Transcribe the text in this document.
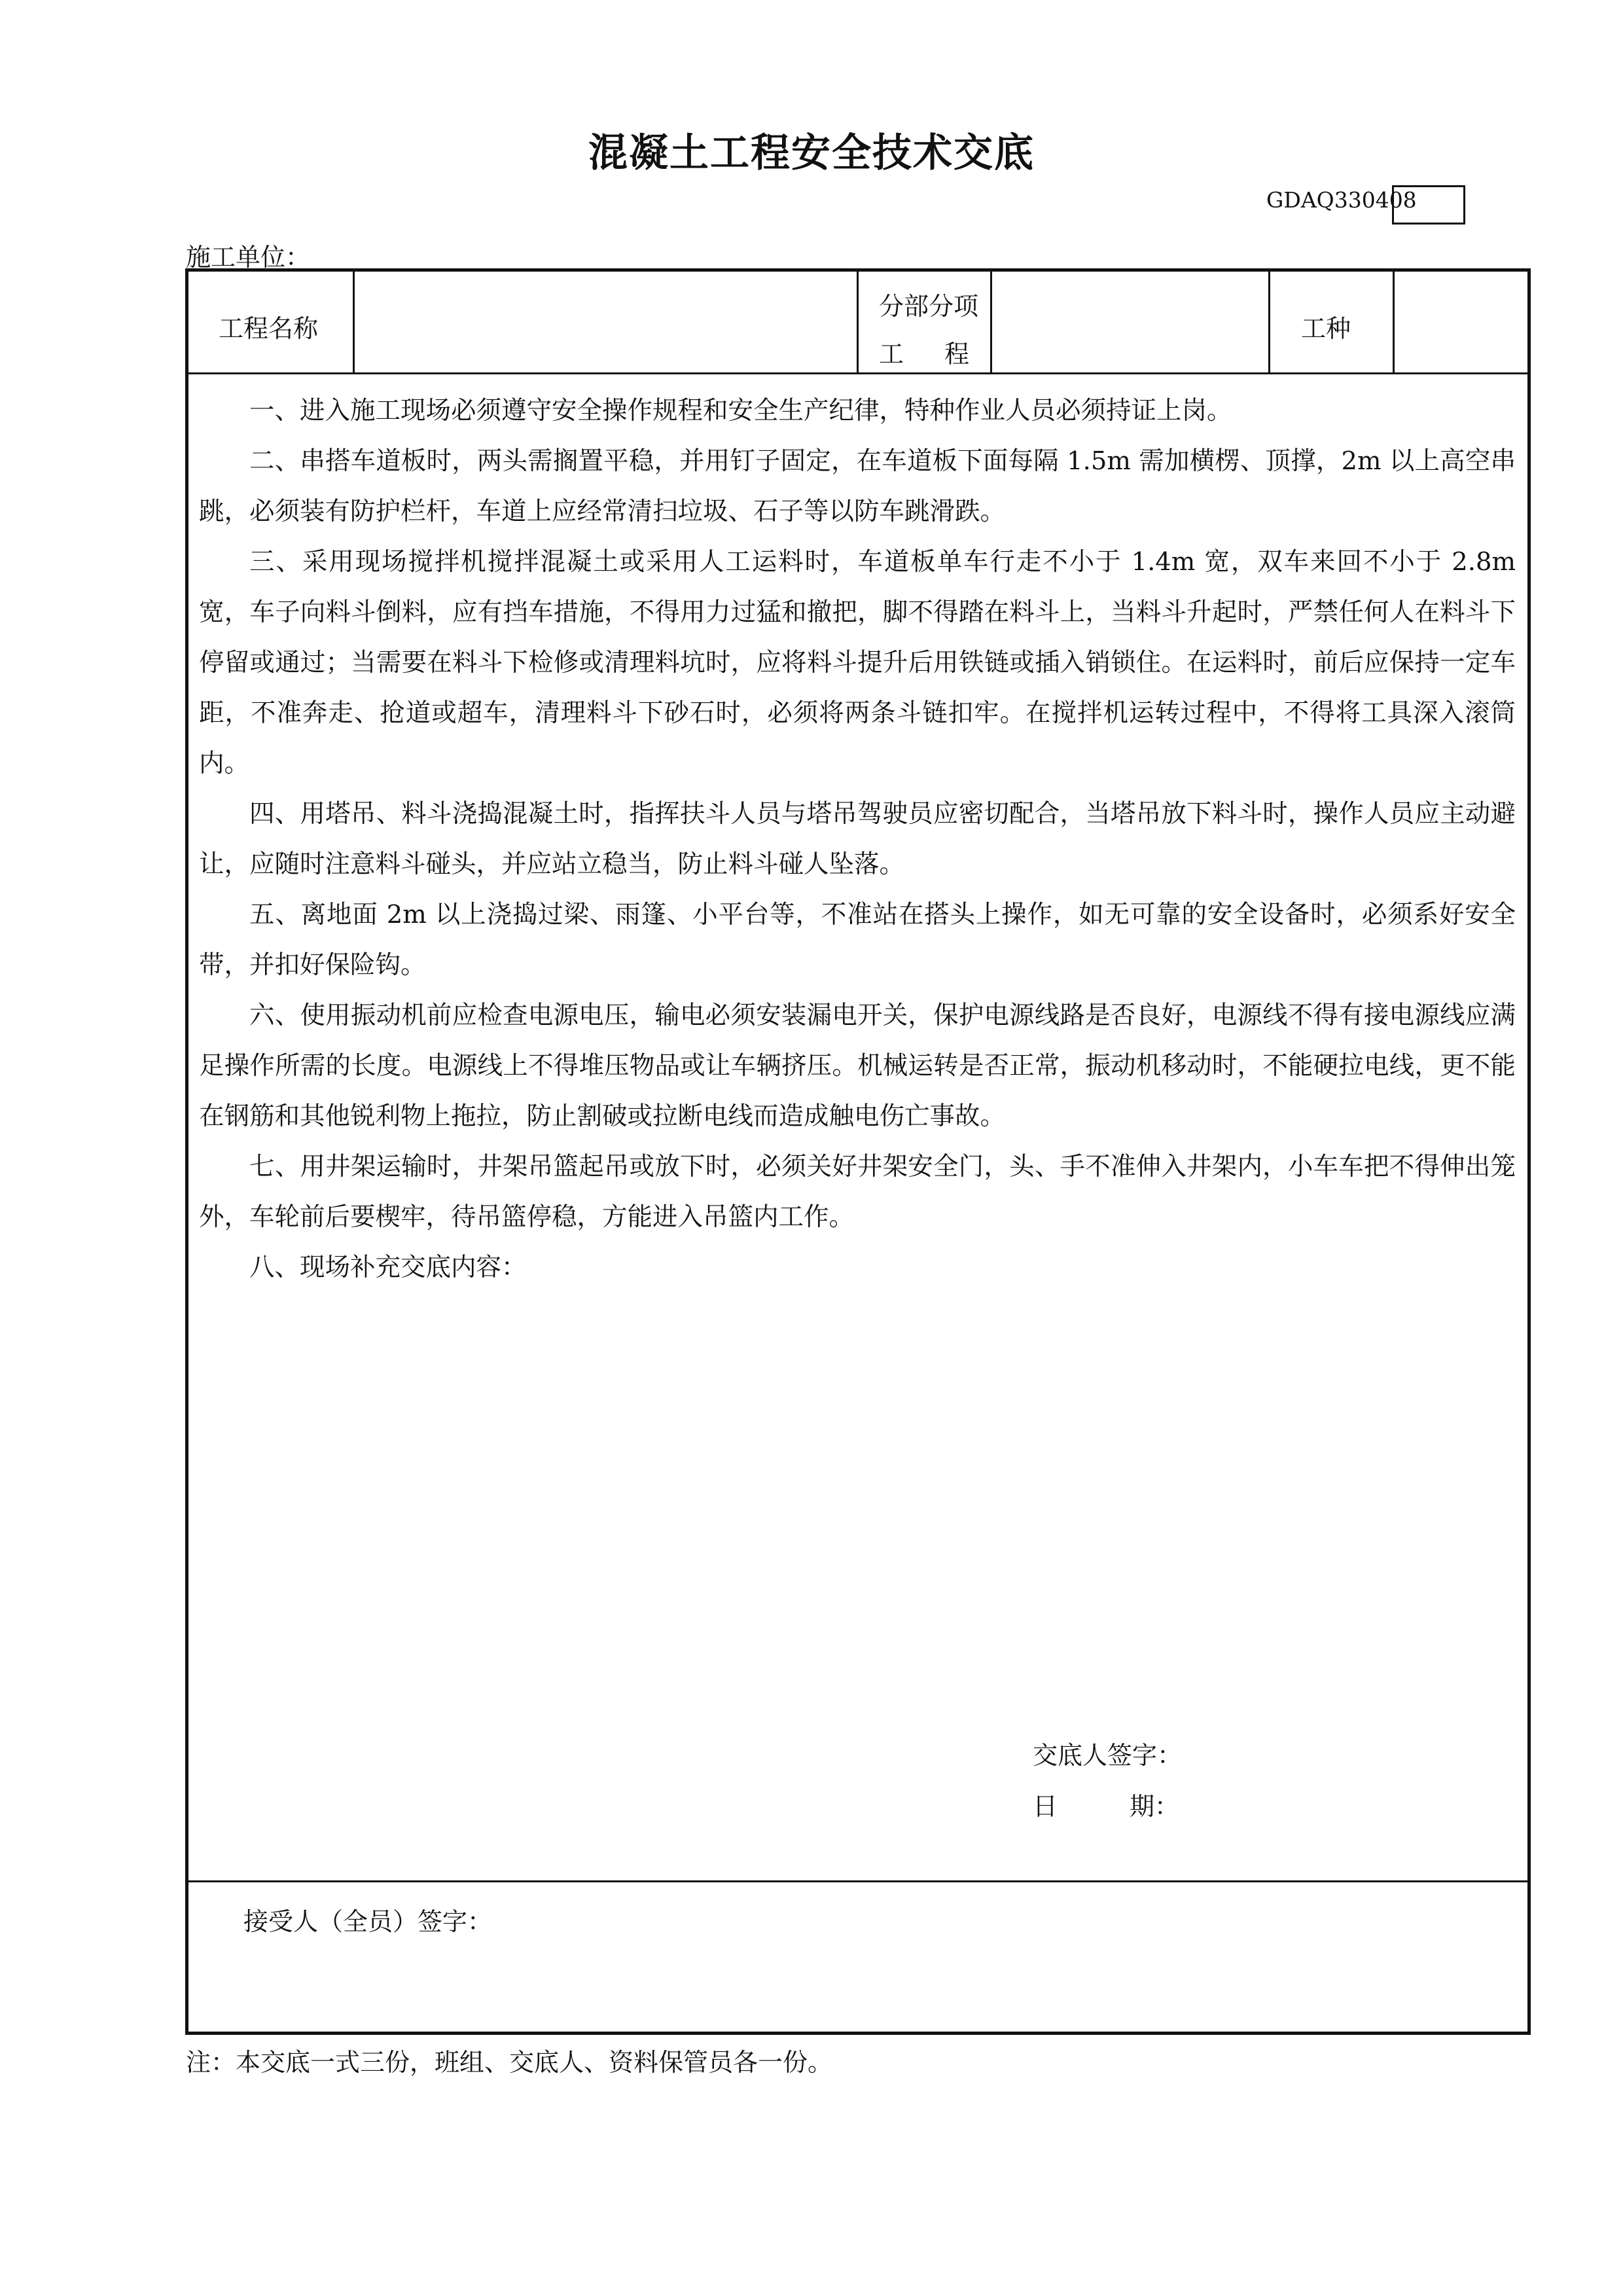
混凝土工程安全技术交底
GDAQ330408
施工单位：
工程名称
分部分项
工 程
工种

一、进入施工现场必须遵守安全操作规程和安全生产纪律，特种作业人员必须持证上岗。

二、串搭车道板时，两头需搁置平稳，并用钉子固定，在车道板下面每隔 1.5m 需加横楞、顶撑，2m 以上高空串跳，必须装有防护栏杆，车道上应经常清扫垃圾、石子等以防车跳滑跌。

三、采用现场搅拌机搅拌混凝土或采用人工运料时，车道板单车行走不小于 1.4m 宽，双车来回不小于 2.8m 宽，车子向料斗倒料，应有挡车措施，不得用力过猛和撤把，脚不得踏在料斗上，当料斗升起时，严禁任何人在料斗下停留或通过；当需要在料斗下检修或清理料坑时，应将料斗提升后用铁链或插入销锁住。在运料时，前后应保持一定车距，不准奔走、抢道或超车，清理料斗下砂石时，必须将两条斗链扣牢。在搅拌机运转过程中，不得将工具深入滚筒内。

四、用塔吊、料斗浇捣混凝土时，指挥扶斗人员与塔吊驾驶员应密切配合，当塔吊放下料斗时，操作人员应主动避让，应随时注意料斗碰头，并应站立稳当，防止料斗碰人坠落。

五、离地面 2m 以上浇捣过梁、雨篷、小平台等，不准站在搭头上操作，如无可靠的安全设备时，必须系好安全带，并扣好保险钩。

六、使用振动机前应检查电源电压，输电必须安装漏电开关，保护电源线路是否良好，电源线不得有接电源线应满足操作所需的长度。电源线上不得堆压物品或让车辆挤压。机械运转是否正常，振动机移动时，不能硬拉电线，更不能在钢筋和其他锐利物上拖拉，防止割破或拉断电线而造成触电伤亡事故。

七、用井架运输时，井架吊篮起吊或放下时，必须关好井架安全门，头、手不准伸入井架内，小车车把不得伸出笼外，车轮前后要楔牢，待吊篮停稳，方能进入吊篮内工作。

八、现场补充交底内容：

交底人签字：
日	期：
接受人（全员）签字：
注：本交底一式三份，班组、交底人、资料保管员各一份。
